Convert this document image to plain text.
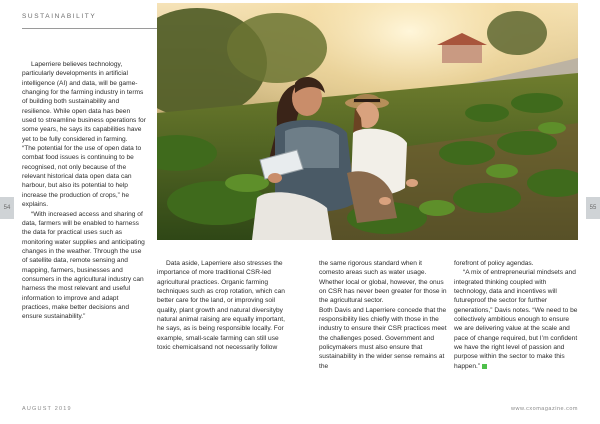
SUSTAINABILITY
54	55

Laperriere believes technology, particularly developments in artificial intelligence (AI) and data, will be game-changing for the farming industry in terms of building both sustainability and resilience. While open data has been used to streamline business operations for some years, he says its capabilities have yet to be fully considered in farming.

“The potential for the use of open data to combat food issues is continuing to be recognised, not only because of the relevant historical data open data can harbour, but also its potential to help increase the production of crops,” he explains.

“With increased access and sharing of data, farmers will be enabled to harness the data for practical uses such as monitoring water supplies and anticipating changes in the weather. Through the use of satellite data, remote sensing and mapping, farmers, businesses and consumers in the agricultural industry can harness the most relevant and useful information to improve and adapt practices, make better decisions and ensure sustainability.”

Data aside, Laperriere also stresses the importance of more traditional CSR-led agricultural practices. Organic farming techniques such as crop rotation, which can better care for the land, or improving soil quality, plant growth and natural diversityby natural animal raising are equally important, he says, as is being responsible locally. For example, small-scale farming can still use toxic chemicalsand not necessarily follow

the same rigorous standard when it comesto areas such as water usage. Whether local or global, however, the onus on CSR has never been greater for those in the agricultural sector.

Both Davis and Laperriere concede that the responsibility lies chiefly with those in the industry to ensure their CSR practices meet the challenges posed. Government and policymakers must also ensure that sustainability in the wider sense remains at the

forefront of policy agendas.

“A mix of entrepreneurial mindsets and integrated thinking coupled with technology, data and incentives will futureproof the sector for further generations,” Davis notes. “We need to be collectively ambitious enough to ensure we are delivering value at the scale and pace of change required, but I’m confident we have the right level of passion and purpose within the sector to make this happen.”

AUGUST 2019	www.cxomagazine.com
